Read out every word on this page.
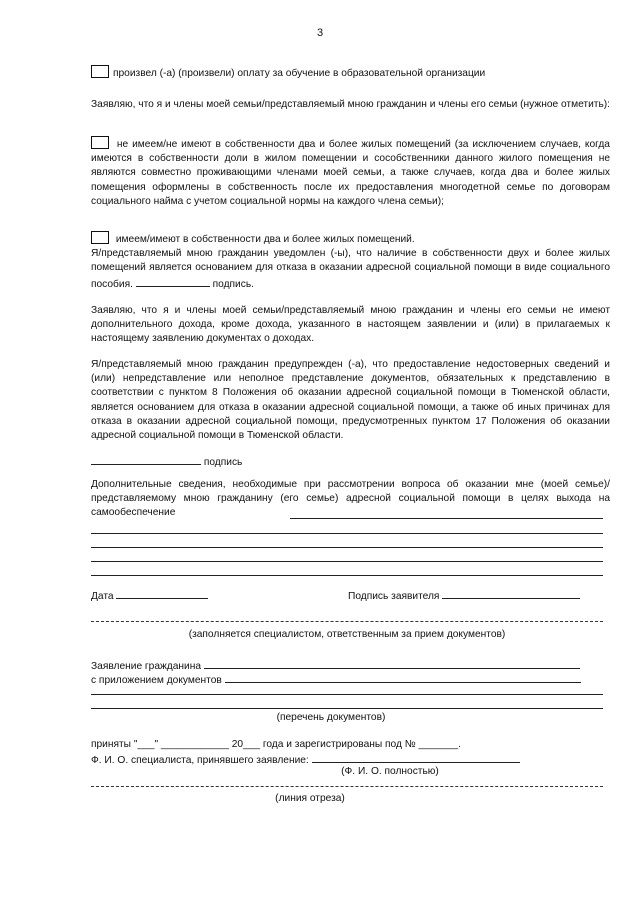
3
произвел (-а) (произвели) оплату за обучение в образовательной организации

Заявляю, что я и члены моей семьи/представляемый мною гражданин и члены его семьи (нужное отметить):

не имеем/не имеют в собственности два и более жилых помещений (за исключением случаев, когда имеются в собственности доли в жилом помещении и сособственники данного жилого помещения не являются совместно проживающими членами моей семьи, а также случаев, когда два и более жилых помещения оформлены в собственность после их предоставления многодетной семье по договорам социального найма с учетом социальной нормы на каждого члена семьи);

имеем/имеют в собственности два и более жилых помещений.

Я/представляемый мною гражданин уведомлен (-ы), что наличие в собственности двух и более жилых помещений является основанием для отказа в оказании адресной социальной помощи в виде социального пособия.	подпись.

Заявляю, что я и члены моей семьи/представляемый мною гражданин и члены его семьи не имеют дополнительного дохода, кроме дохода, указанного в настоящем заявлении и (или) в прилагаемых к настоящему заявлению документах о доходах.

Я/представляемый мною гражданин предупрежден (-а), что предоставление недостоверных сведений и (или) непредставление или неполное представление документов, обязательных к представлению в соответствии с пунктом 8 Положения об оказании адресной социальной помощи в Тюменской области, является основанием для отказа в оказании адресной социальной помощи, а также об иных причинах для отказа в оказании адресной социальной помощи, предусмотренных пунктом 17 Положения об оказании адресной социальной помощи в Тюменской области.

подпись

Дополнительные сведения, необходимые при рассмотрении вопроса об оказании мне (моей семье)/представляемому мною гражданину (его семье) адресной социальной помощи в целях выхода на самообеспечение

Дата	Подпись заявителя
(заполняется специалистом, ответственным за прием документов)
Заявление гражданина
с приложением документов
(перечень документов)
приняты "___" ____________ 20___ года и зарегистрированы под № _______.
Ф. И. О. специалиста, принявшего заявление:
(Ф. И. О. полностью)
(линия отреза)
